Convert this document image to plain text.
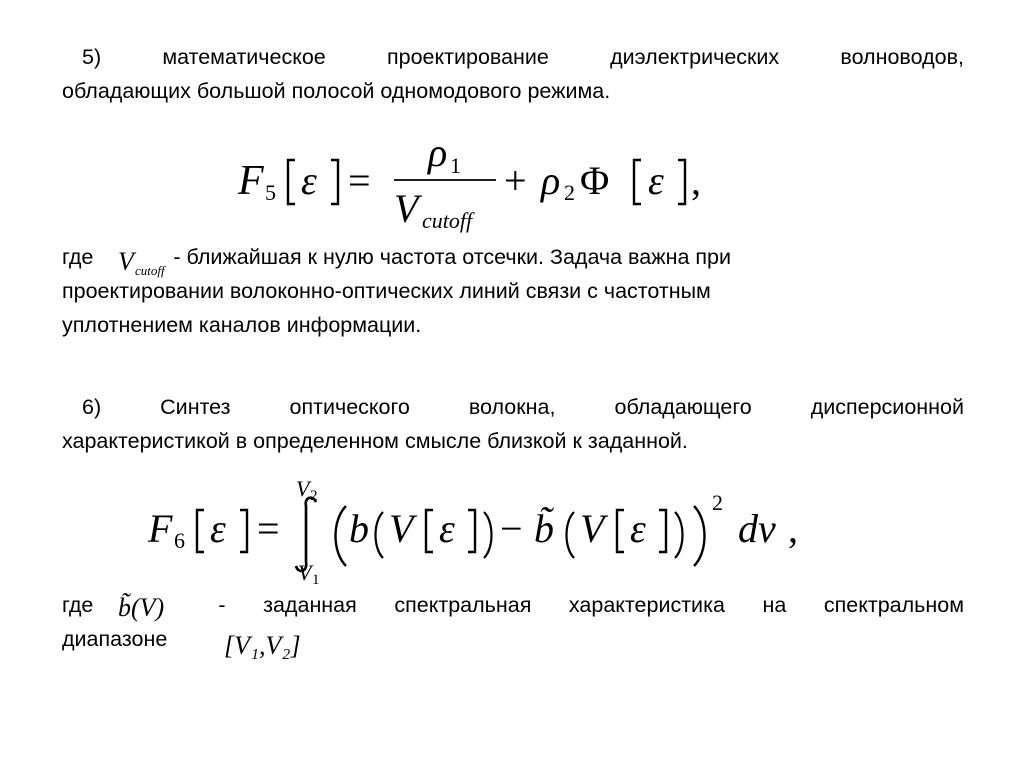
5)	математическое проектирование диэлектрических волноводов,
обладающих большой полосой одномодового режима.
F 5 ε =
ρ 1
V cutoff
+ ρ 2 Φ ε ,
где	- ближайшая к нулю частота отсечки. Задача важна при
проектировании волоконно-оптических линий связи с частотным
уплотнением каналов информации.
V cutoff
6)	Синтез оптического волокна, обладающего дисперсионной
характеристикой в определенном смысле близкой к заданной.
F 6 ε =
V 2
V 1
b V ε − b̃ V ε
2
dv ,
где	- заданная спектральная характеристика на спектральном
диапазоне
b̃(V)
[V₁,V₂]
